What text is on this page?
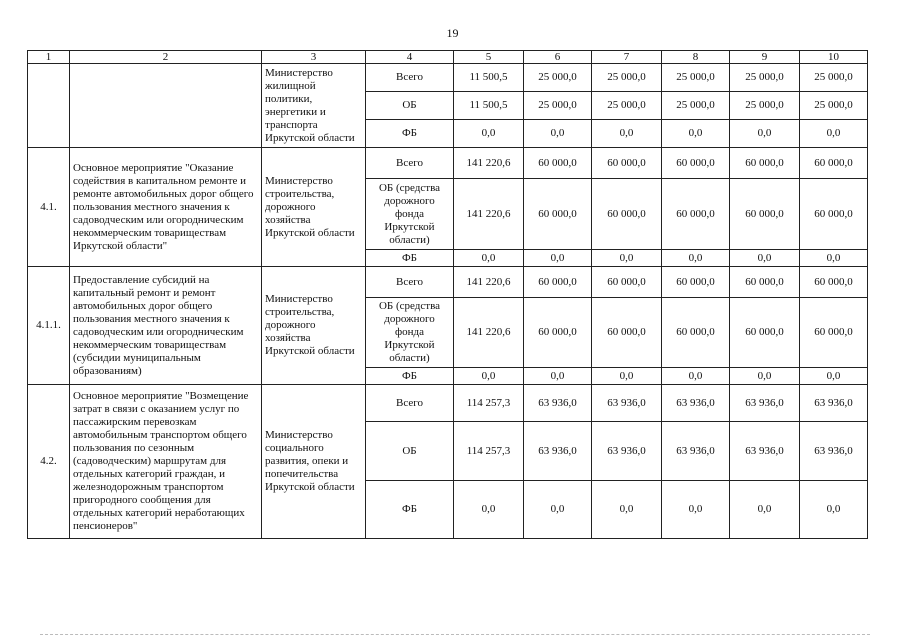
19
1	2	3	4	5	6	7	8	9	10
		Министерство жилищной политики, энергетики и транспорта Иркутской области	Всего	11 500,5	25 000,0	25 000,0	25 000,0	25 000,0	25 000,0
			ОБ	11 500,5	25 000,0	25 000,0	25 000,0	25 000,0	25 000,0
			ФБ	0,0	0,0	0,0	0,0	0,0	0,0
4.1.	Основное мероприятие "Оказание содействия в капитальном ремонте и ремонте автомобильных дорог общего пользования местного значения к садоводческим или огородническим некоммерческим товариществам Иркутской области"	Министерство строительства, дорожного хозяйства Иркутской области	Всего	141 220,6	60 000,0	60 000,0	60 000,0	60 000,0	60 000,0
			ОБ (средства дорожного фонда Иркутской области)	141 220,6	60 000,0	60 000,0	60 000,0	60 000,0	60 000,0
			ФБ	0,0	0,0	0,0	0,0	0,0	0,0
4.1.1.	Предоставление субсидий на капитальный ремонт и ремонт автомобильных дорог общего пользования местного значения к садоводческим или огородническим некоммерческим товариществам (субсидии муниципальным образованиям)	Министерство строительства, дорожного хозяйства Иркутской области	Всего	141 220,6	60 000,0	60 000,0	60 000,0	60 000,0	60 000,0
			ОБ (средства дорожного фонда Иркутской области)	141 220,6	60 000,0	60 000,0	60 000,0	60 000,0	60 000,0
			ФБ	0,0	0,0	0,0	0,0	0,0	0,0
4.2.	Основное мероприятие "Возмещение затрат в связи с оказанием услуг по пассажирским перевозкам автомобильным транспортом общего пользования по сезонным (садоводческим) маршрутам для отдельных категорий граждан, и железнодорожным транспортом пригородного сообщения для отдельных категорий неработающих пенсионеров"	Министерство социального развития, опеки и попечительства Иркутской области	Всего	114 257,3	63 936,0	63 936,0	63 936,0	63 936,0	63 936,0
			ОБ	114 257,3	63 936,0	63 936,0	63 936,0	63 936,0	63 936,0
			ФБ	0,0	0,0	0,0	0,0	0,0	0,0
